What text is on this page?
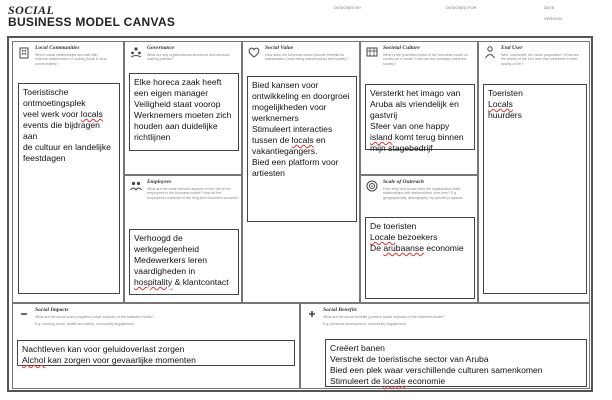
SOCIAL
BUSINESS MODEL CANVAS
DESIGNED BY	DESIGNED FOR	DATE
VERSION
Local Communities
Which social relationships are built with external stakeholders in society (local & local communities)?
Toeristische ontmoetingsplek
veel werk voor locals
events die bijdragen aan
de cultuur en landelijke
feestdagen
Governance
What are key organizational structures and decision-making policies?
Elke horeca zaak heeft een eigen manager Veiligheid staat voorop Werknemers moeten zich houden aan duidelijke richtlijnen
Social Value
How does the business model provide benefits for stakeholders (both being stakeholders) and society?
Bied kansen voor
ontwikkeling en doorgroei
mogelijkheden voor
werknemers
Stimuleert interacties
tussen de locals en
vakantiegangers.
Bied een platform voor
artiesten
Societal Culture
What is the potential impact of the business model on society as a whole? How can the company influence society?
Versterkt het imago van
Aruba als vriendelijk en
gastvrij
Sfeer van one happy
island komt terug binnen
mijn stagebedrijf
End User
Who 'consumes' the value proposition? What are the needs of the end user that contribute to their quality of life?
Toeristen
Locals
huurders
Employees
What are the most relevant aspects of the role of the employees in the business model? How do the employees contribute to the long-term business success?
Verhoogd de
werkgelegenheid
Medewerkers leren
vaardigheden in
hospitality & klantcontact
Scale of Outreach
How deep and broad does the organization build relationships with stakeholders over time? E.g. geographically, demography, by specific programs
De toeristen
Locale bezoekers
De arubaanse economie
Social Impacts
What are the social costs (negative social impacts) of the business model?
E.g. working hours, health and safety, community engagement
Nachtleven kan voor geluidoverlast zorgen
Alchol kan zorgen voor gevaarlijke momenten
Social Benefits
What are the social benefits (positive social impacts) of the business model?
E.g. personal development, community engagement
Creëert banen
Verstrekt de toeristische sector van Aruba
Bied een plek waar verschillende culturen samenkomen
Stimuleert de locale economie
